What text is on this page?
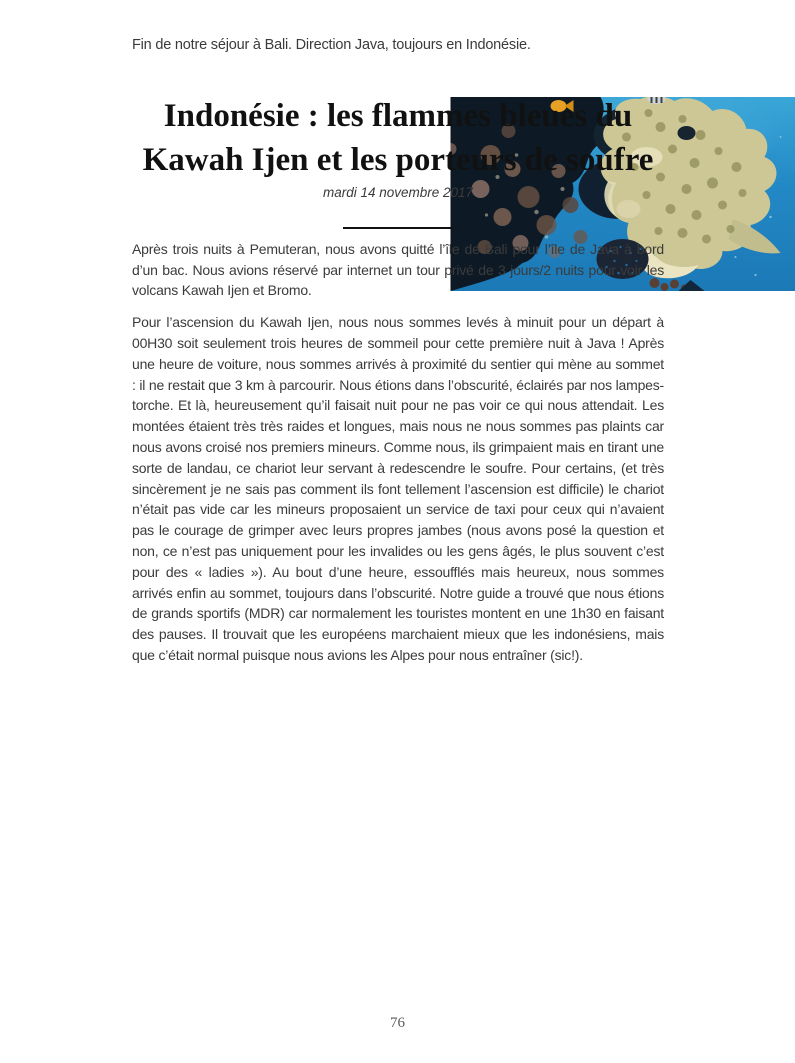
Fin de notre séjour à Bali. Direction Java, toujours en Indonésie.
Indonésie : les flammes bleues du Kawah Ijen et les porteurs de soufre
mardi 14 novembre 2017

Après trois nuits à Pemuteran, nous avons quitté l’île de Bali pour l’île de Java à bord d’un bac. Nous avions réservé par internet un tour privé de 3 jours/2 nuits pour voir les volcans Kawah Ijen et Bromo.

Pour l’ascension du Kawah Ijen, nous nous sommes levés à minuit pour un départ à 00H30 soit seulement trois heures de sommeil pour cette première nuit à Java ! Après une heure de voiture, nous sommes arrivés à proximité du sentier qui mène au sommet : il ne restait que 3 km à parcourir. Nous étions dans l’obscurité, éclairés par nos lampes-torche. Et là, heureusement qu’il faisait nuit pour ne pas voir ce qui nous attendait. Les montées étaient très très raides et longues, mais nous ne nous sommes pas plaints car nous avons croisé nos premiers mineurs. Comme nous, ils grimpaient mais en tirant une sorte de landau, ce chariot leur servant à redescendre le soufre. Pour certains, (et très sincèrement je ne sais pas comment ils font tellement l’ascension est difficile) le chariot n’était pas vide car les mineurs proposaient un service de taxi pour ceux qui n’avaient pas le courage de grimper avec leurs propres jambes (nous avons posé la question et non, ce n’est pas uniquement pour les invalides ou les gens âgés, le plus souvent c’est pour des « ladies »). Au bout d’une heure, essoufflés mais heureux, nous sommes arrivés enfin au sommet, toujours dans l’obscurité. Notre guide a trouvé que nous étions de grands sportifs (MDR) car normalement les touristes montent en une 1h30 en faisant des pauses. Il trouvait que les européens marchaient mieux que les indonésiens, mais que c’était normal puisque nous avions les Alpes pour nous entraîner (sic!).

76
